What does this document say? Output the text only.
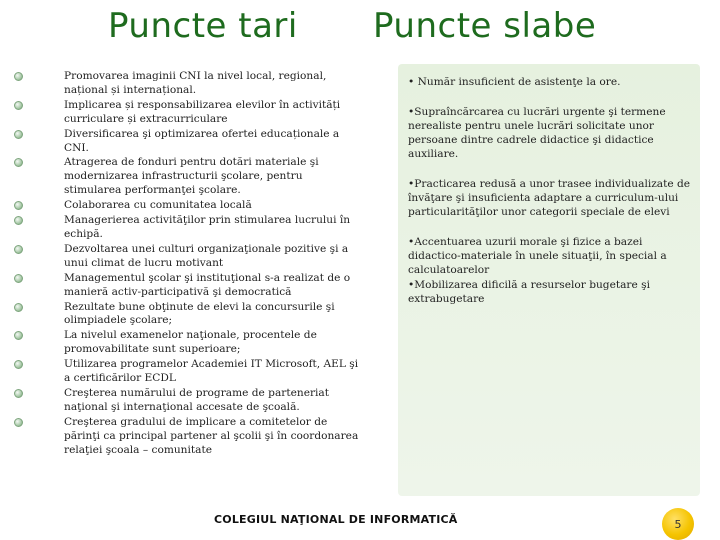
Puncte tari Puncte slabe
Promovarea imaginii CNI la nivel local, regional, național și internațional.
Implicarea și responsabilizarea elevilor în activități curriculare și extracurriculare
Diversificarea şi optimizarea ofertei educaționale a CNI.
Atragerea de fonduri pentru dotări materiale şi modernizarea infrastructurii şcolare, pentru stimularea performanţei şcolare.
Colaborarea cu comunitatea locală
Managerierea activităţilor prin stimularea lucrului în echipă.
Dezvoltarea unei culturi organizaţionale pozitive şi a unui climat de lucru motivant
Managementul şcolar şi instituţional s-a realizat de o manieră activ-participativă şi democratică
Rezultate bune obţinute de elevi la concursurile şi olimpiadele şcolare;
La nivelul examenelor naţionale, procentele de promovabilitate sunt superioare;
Utilizarea programelor Academiei IT Microsoft, AEL şi a certificărilor ECDL
Creşterea numărului de programe de parteneriat naţional şi internaţional accesate de şcoală.
Creşterea gradului de implicare a comitetelor de părinţi ca principal partener al şcolii şi în coordonarea relaţiei şcoala – comunitate
• Număr insuficient de asistenţe la ore.
•Supraîncărcarea cu lucrări urgente şi termene nerealiste pentru unele lucrări solicitate unor persoane dintre cadrele didactice şi didactice auxiliare.
•Practicarea redusă a unor trasee individualizate de învăţare şi insuficienta adaptare a curriculum-ului particularităţilor unor categorii speciale de elevi
•Accentuarea uzurii morale şi fizice a bazei didactico-materiale în unele situaţii, în special a calculatoarelor
•Mobilizarea dificilă a resurselor bugetare şi extrabugetare
COLEGIUL NAŢIONAL DE INFORMATICĂ	5
